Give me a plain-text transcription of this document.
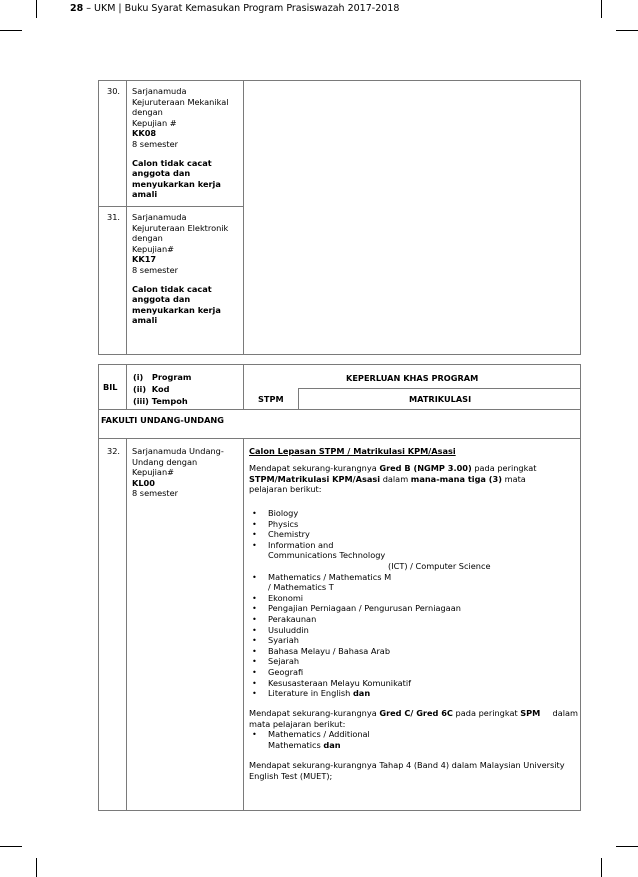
28 – UKM | Buku Syarat Kemasukan Program Prasiswazah 2017-2018
30. Sarjanamuda
Kejuruteraan Mekanikal
dengan
Kepujian #
KK08
8 semester
Calon tidak cacat
anggota dan
menyukarkan kerja
amali
31. Sarjanamuda
Kejuruteraan Elektronik
dengan
Kepujian#
KK17
8 semester
Calon tidak cacat
anggota dan
menyukarkan kerja
amali
BIL
(i)   Program
(ii)  Kod
(iii) Tempoh
KEPERLUAN KHAS PROGRAM
STPM	MATRIKULASI
FAKULTI UNDANG-UNDANG
32. Sarjanamuda Undang-
Undang dengan
Kepujian#
KL00
8 semester
Calon Lepasan STPM / Matrikulasi KPM/Asasi
Mendapat sekurang-kurangnya Gred B (NGMP 3.00) pada peringkat
STPM/Matrikulasi KPM/Asasi dalam mana-mana tiga (3) mata
pelajaran berikut:
• Biology
• Physics
• Chemistry
• Information and
Communications Technology
(ICT) / Computer Science
• Mathematics / Mathematics M
/ Mathematics T
• Ekonomi
• Pengajian Perniagaan / Pengurusan Perniagaan
• Perakaunan
• Usuluddin
• Syariah
• Bahasa Melayu / Bahasa Arab
• Sejarah
• Geografi
• Kesusasteraan Melayu Komunikatif
• Literature in English dan
Mendapat sekurang-kurangnya Gred C/ Gred 6C pada peringkat SPM dalam
mata pelajaran berikut:
• Mathematics / Additional
Mathematics dan
Mendapat sekurang-kurangnya Tahap 4 (Band 4) dalam Malaysian University
English Test (MUET);
